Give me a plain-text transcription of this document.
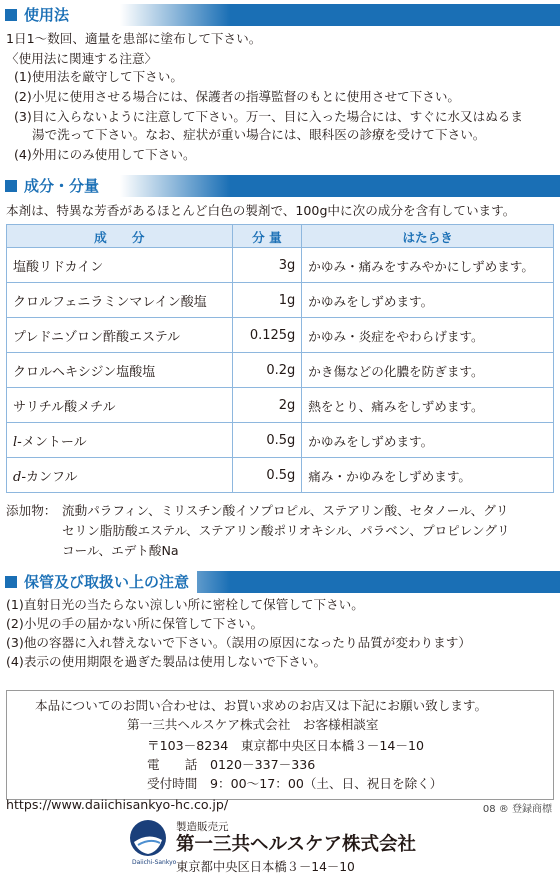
使用法
1日1～数回、適量を患部に塗布して下さい。
〈使用法に関連する注意〉
(1)使用法を厳守して下さい。
(2)小児に使用させる場合には、保護者の指導監督のもとに使用させて下さい。
(3)目に入らないように注意して下さい。万一、目に入った場合には、すぐに水又はぬるま
湯で洗って下さい。なお、症状が重い場合には、眼科医の診療を受けて下さい。
(4)外用にのみ使用して下さい。
成分・分量
本剤は、特異な芳香があるほとんど白色の製剤で、100g中に次の成分を含有しています。
成　　分	分 量	はたらき
塩酸リドカイン	3g	かゆみ・痛みをすみやかにしずめます。
クロルフェニラミンマレイン酸塩	1g	かゆみをしずめます。
プレドニゾロン酢酸エステル	0.125g	かゆみ・炎症をやわらげます。
クロルヘキシジン塩酸塩	0.2g	かき傷などの化膿を防ぎます。
サリチル酸メチル	2g	熱をとり、痛みをしずめます。
l-メントール	0.5g	かゆみをしずめます。
d-カンフル	0.5g	痛み・かゆみをしずめます。
添加物： 流動パラフィン、ミリスチン酸イソプロピル、ステアリン酸、セタノール、グリ
セリン脂肪酸エステル、ステアリン酸ポリオキシル、パラベン、プロピレングリ
コール、エデト酸Na
保管及び取扱い上の注意
(1)直射日光の当たらない涼しい所に密栓して保管して下さい。
(2)小児の手の届かない所に保管して下さい。
(3)他の容器に入れ替えないで下さい。（誤用の原因になったり品質が変わります）
(4)表示の使用期限を過ぎた製品は使用しないで下さい。
本品についてのお問い合わせは、お買い求めのお店又は下記にお願い致します。
第一三共ヘルスケア株式会社　お客様相談室
〒103－8234　東京都中央区日本橋３－14－10
電　　話　0120－337－336
受付時間　9：00～17：00（土、日、祝日を除く）
https://www.daiichisankyo-hc.co.jp/	08 ® 登録商標
Daiichi-Sankyo
製造販売元
第一三共ヘルスケア株式会社
東京都中央区日本橋３－14－10
